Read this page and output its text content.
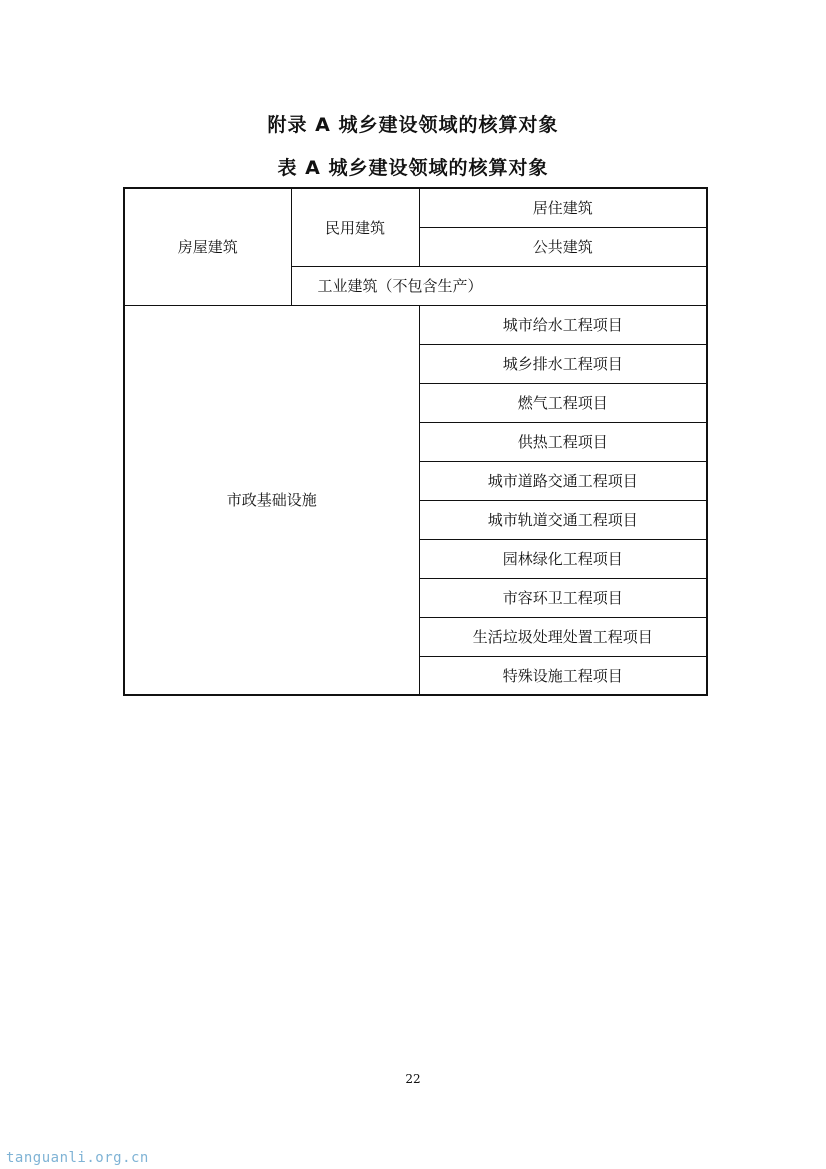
附录 A 城乡建设领域的核算对象
表 A 城乡建设领域的核算对象
房屋建筑	民用建筑	居住建筑
		公共建筑
	工业建筑（不包含生产）	
市政基础设施		城市给水工程项目
		城乡排水工程项目
		燃气工程项目
		供热工程项目
		城市道路交通工程项目
		城市轨道交通工程项目
		园林绿化工程项目
		市容环卫工程项目
		生活垃圾处理处置工程项目
		特殊设施工程项目
22
tanguanli.org.cn
